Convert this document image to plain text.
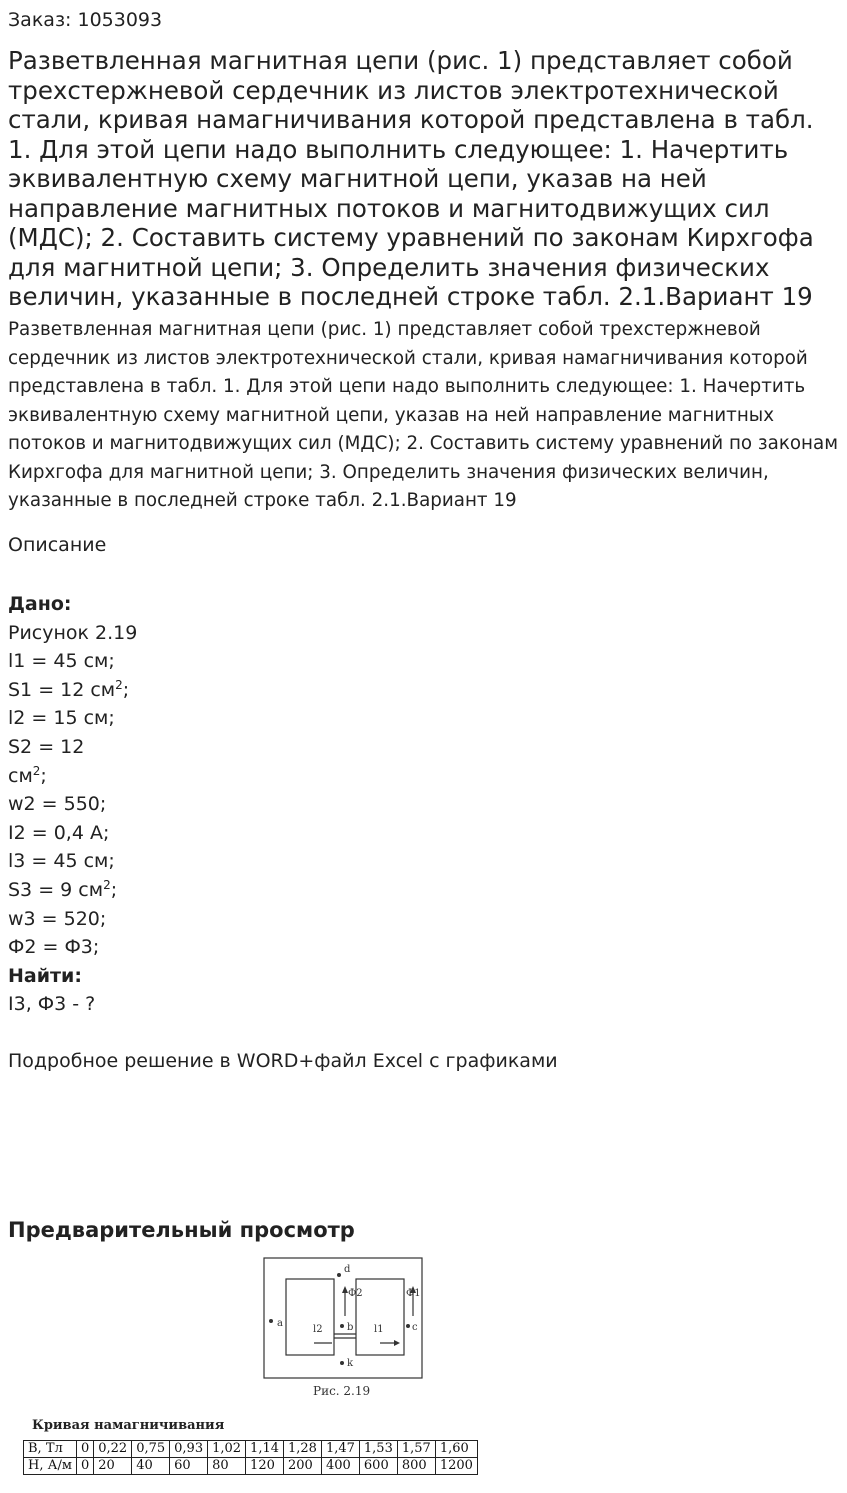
Заказ: 1053093
Разветвленная магнитная цепи (рис. 1) представляет собой трехстержневой сердечник из листов электротехнической стали, кривая намагничивания которой представлена в табл. 1. Для этой цепи надо выполнить следующее: 1. Начертить эквивалентную схему магнитной цепи, указав на ней направление магнитных потоков и магнитодвижущих сил (МДС); 2. Составить систему уравнений по законам Кирхгофа для магнитной цепи; 3. Определить значения физических величин, указанные в последней строке табл. 2.1.Вариант 19

Разветвленная магнитная цепи (рис. 1) представляет собой трехстержневой сердечник из листов электротехнической стали, кривая намагничивания которой представлена в табл. 1. Для этой цепи надо выполнить следующее: 1. Начертить эквивалентную схему магнитной цепи, указав на ней направление магнитных потоков и магнитодвижущих сил (МДС); 2. Составить систему уравнений по законам Кирхгофа для магнитной цепи; 3. Определить значения физических величин, указанные в последней строке табл. 2.1.Вариант 19

Описание
Дано:
Рисунок 2.19
l1 = 45 см;
S1 = 12 $см^2$;
l2 = 15 см;
S2 = 12
$см^2$;
w2 = 550;
I2 = 0,4 А;
l3 = 45 см;
S3 = 9 $см^2$;
w3 = 520;
Ф2 = Ф3;
Найти:
I3, Ф3 - ?
Подробное решение в WORD+файл Excel с графиками
Предварительный просмотр
d
a	b	c
k
l2	l1
Ф2	Ф1
Рис. 2.19
Кривая намагничивания
B, Тл	0	0,22	0,75	0,93	1,02	1,14	1,28	1,47	1,53	1,57	1,60
H, А/м	0	20	40	60	80	120	200	400	600	800	1200
